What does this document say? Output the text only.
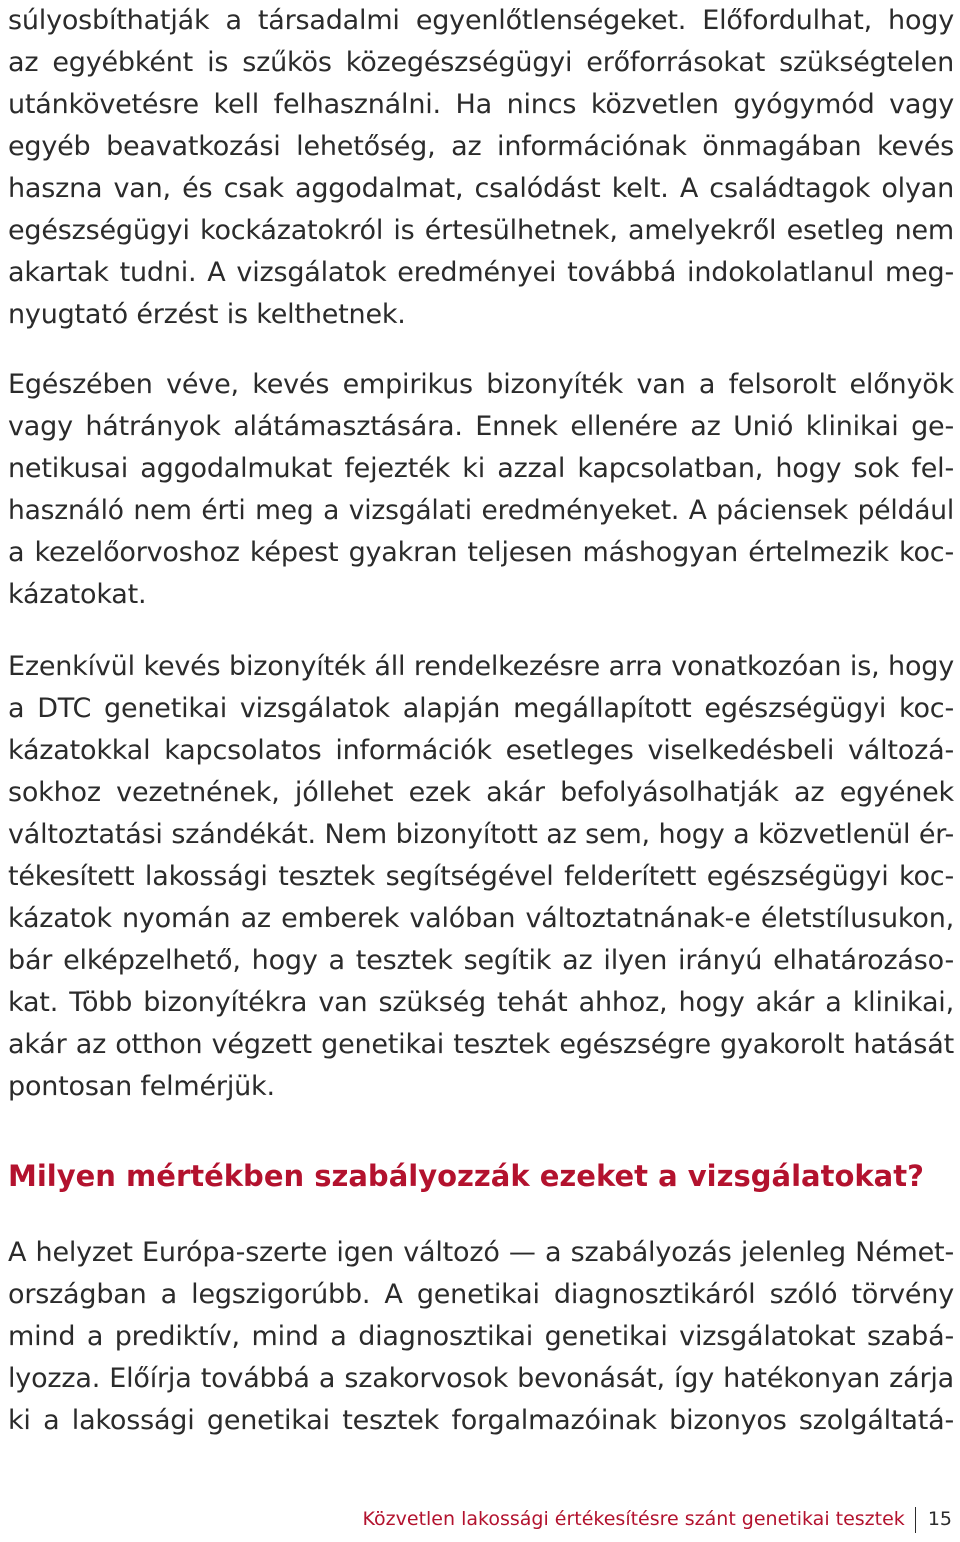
súlyosbíthatják a társadalmi egyenlőtlenségeket. Előfordulhat, hogy
az egyébként is szűkös közegészségügyi erőforrásokat szükségtelen
utánkövetésre kell felhasználni. Ha nincs közvetlen gyógymód vagy
egyéb beavatkozási lehetőség, az információnak önmagában kevés
haszna van, és csak aggodalmat, csalódást kelt. A családtagok olyan
egészségügyi kockázatokról is értesülhetnek, amelyekről esetleg nem
akartak tudni. A vizsgálatok eredményei továbbá indokolatlanul meg-
nyugtató érzést is kelthetnek.
Egészében véve, kevés empirikus bizonyíték van a felsorolt előnyök
vagy hátrányok alátámasztására. Ennek ellenére az Unió klinikai ge-
netikusai aggodalmukat fejezték ki azzal kapcsolatban, hogy sok fel-
használó nem érti meg a vizsgálati eredményeket. A páciensek például
a kezelőorvoshoz képest gyakran teljesen máshogyan értelmezik koc-
kázatokat.
Ezenkívül kevés bizonyíték áll rendelkezésre arra vonatkozóan is, hogy
a DTC genetikai vizsgálatok alapján megállapított egészségügyi koc-
kázatokkal kapcsolatos információk esetleges viselkedésbeli változá-
sokhoz vezetnének, jóllehet ezek akár befolyásolhatják az egyének
változtatási szándékát. Nem bizonyított az sem, hogy a közvetlenül ér-
tékesített lakossági tesztek segítségével felderített egészségügyi koc-
kázatok nyomán az emberek valóban változtatnának-e életstílusukon,
bár elképzelhető, hogy a tesztek segítik az ilyen irányú elhatározáso-
kat. Több bizonyítékra van szükség tehát ahhoz, hogy akár a klinikai,
akár az otthon végzett genetikai tesztek egészségre gyakorolt hatását
pontosan felmérjük.
Milyen mértékben szabályozzák ezeket a vizsgálatokat?
A helyzet Európa-szerte igen változó — a szabályozás jelenleg Német-
országban a legszigorúbb. A genetikai diagnosztikáról szóló törvény
mind a prediktív, mind a diagnosztikai genetikai vizsgálatokat szabá-
lyozza. Előírja továbbá a szakorvosok bevonását, így hatékonyan zárja
ki a lakossági genetikai tesztek forgalmazóinak bizonyos szolgáltatá-
Közvetlen lakossági értékesítésre szánt genetikai tesztek 15
